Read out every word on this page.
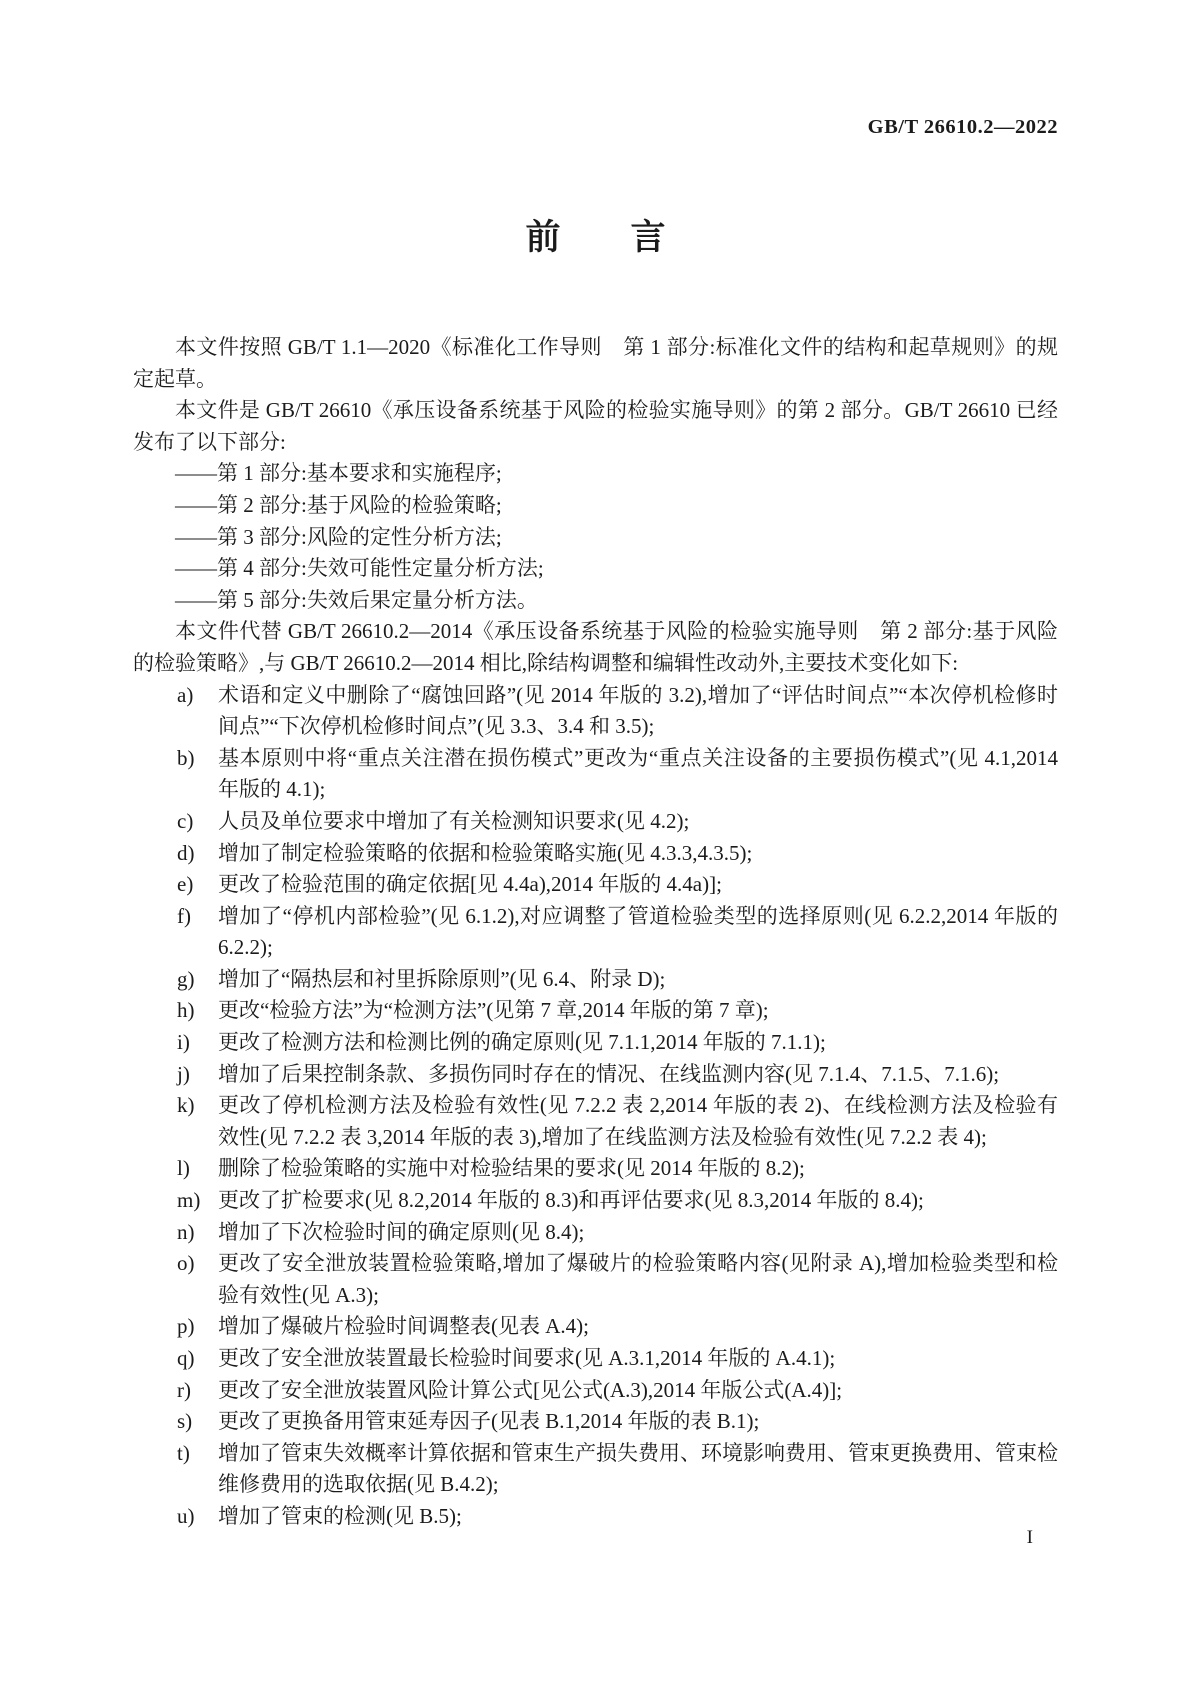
GB/T 26610.2—2022
前　　言

本文件按照 GB/T 1.1—2020《标准化工作导则　第 1 部分:标准化文件的结构和起草规则》的规定起草。

本文件是 GB/T 26610《承压设备系统基于风险的检验实施导则》的第 2 部分。GB/T 26610 已经发布了以下部分:

——第 1 部分:基本要求和实施程序;

——第 2 部分:基于风险的检验策略;

——第 3 部分:风险的定性分析方法;

——第 4 部分:失效可能性定量分析方法;

——第 5 部分:失效后果定量分析方法。

本文件代替 GB/T 26610.2—2014《承压设备系统基于风险的检验实施导则　第 2 部分:基于风险的检验策略》,与 GB/T 26610.2—2014 相比,除结构调整和编辑性改动外,主要技术变化如下:

a)	术语和定义中删除了“腐蚀回路”(见 2014 年版的 3.2),增加了“评估时间点”“本次停机检修时间点”“下次停机检修时间点”(见 3.3、3.4 和 3.5);
b)	基本原则中将“重点关注潜在损伤模式”更改为“重点关注设备的主要损伤模式”(见 4.1,2014 年版的 4.1);
c)	人员及单位要求中增加了有关检测知识要求(见 4.2);
d)	增加了制定检验策略的依据和检验策略实施(见 4.3.3,4.3.5);
e)	更改了检验范围的确定依据[见 4.4a),2014 年版的 4.4a)];
f)	增加了“停机内部检验”(见 6.1.2),对应调整了管道检验类型的选择原则(见 6.2.2,2014 年版的 6.2.2);
g)	增加了“隔热层和衬里拆除原则”(见 6.4、附录 D);
h)	更改“检验方法”为“检测方法”(见第 7 章,2014 年版的第 7 章);
i)	更改了检测方法和检测比例的确定原则(见 7.1.1,2014 年版的 7.1.1);
j)	增加了后果控制条款、多损伤同时存在的情况、在线监测内容(见 7.1.4、7.1.5、7.1.6);
k)	更改了停机检测方法及检验有效性(见 7.2.2 表 2,2014 年版的表 2)、在线检测方法及检验有效性(见 7.2.2 表 3,2014 年版的表 3),增加了在线监测方法及检验有效性(见 7.2.2 表 4);
l)	删除了检验策略的实施中对检验结果的要求(见 2014 年版的 8.2);
m) 更改了扩检要求(见 8.2,2014 年版的 8.3)和再评估要求(见 8.3,2014 年版的 8.4);
n)	增加了下次检验时间的确定原则(见 8.4);
o)	更改了安全泄放装置检验策略,增加了爆破片的检验策略内容(见附录 A),增加检验类型和检验有效性(见 A.3);
p)	增加了爆破片检验时间调整表(见表 A.4);
q)	更改了安全泄放装置最长检验时间要求(见 A.3.1,2014 年版的 A.4.1);
r)	更改了安全泄放装置风险计算公式[见公式(A.3),2014 年版公式(A.4)];
s)	更改了更换备用管束延寿因子(见表 B.1,2014 年版的表 B.1);
t)	增加了管束失效概率计算依据和管束生产损失费用、环境影响费用、管束更换费用、管束检维修费用的选取依据(见 B.4.2);
u)	增加了管束的检测(见 B.5);
I
